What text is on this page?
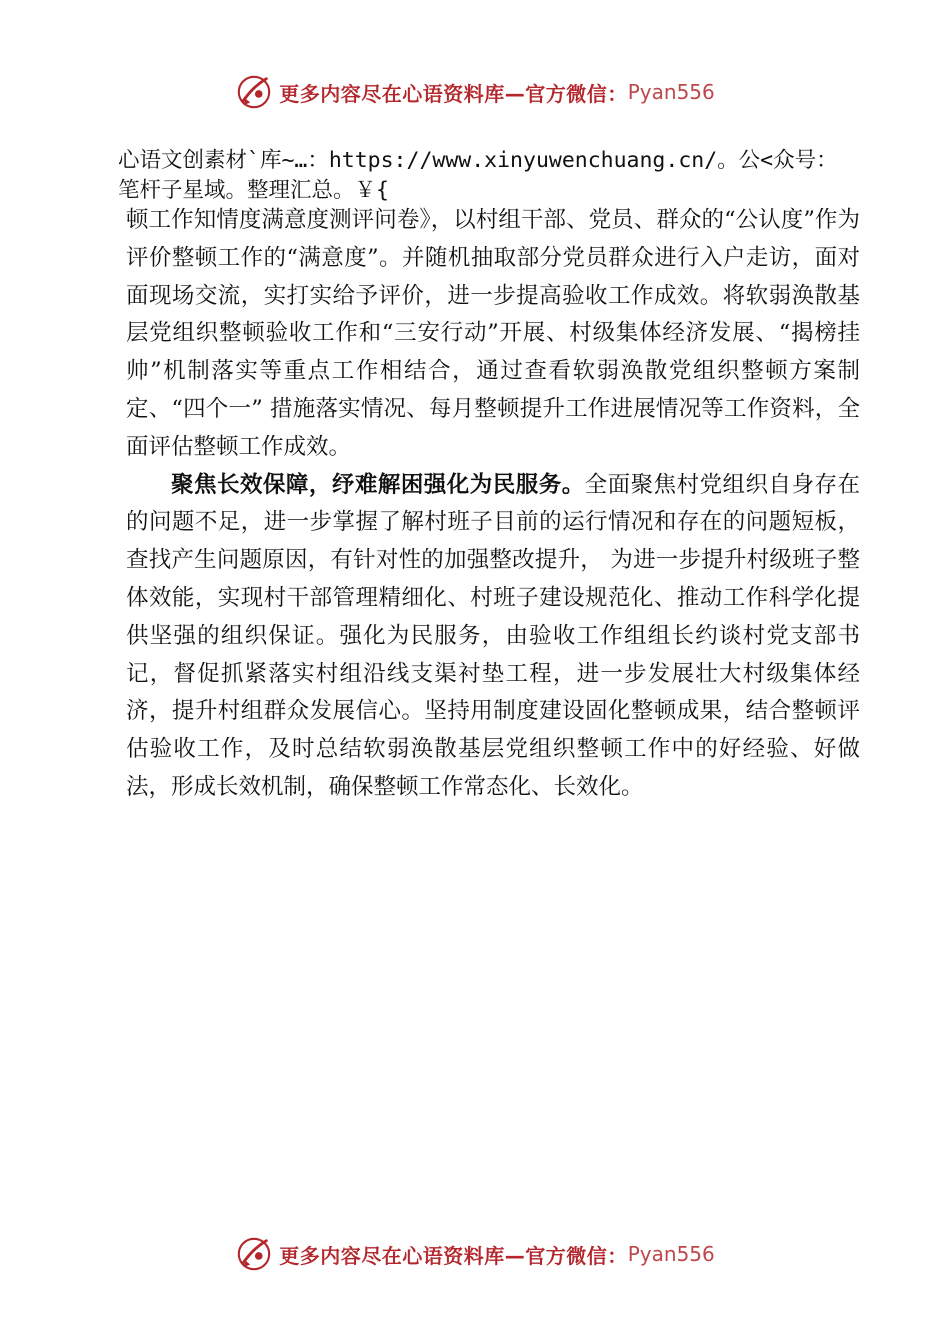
更多内容尽在心语资料库—官方微信： Pyan556
心语文创素材`库~…：https://www.xinyuwenchuang.cn/。公<众号：笔杆子星域。整理汇总。￥{

顿工作知情度满意度测评问卷》，以村组干部、党员、群众的“公认度”作为评价整顿工作的“满意度”。并随机抽取部分党员群众进行入户走访，面对面现场交流，实打实给予评价，进一步提高验收工作成效。将软弱涣散基层党组织整顿验收工作和“三安行动”开展、村级集体经济发展、“揭榜挂帅”机制落实等重点工作相结合，通过查看软弱涣散党组织整顿方案制定、“四个一” 措施落实情况、每月整顿提升工作进展情况等工作资料，全面评估整顿工作成效。

聚焦长效保障，纾难解困强化为民服务。全面聚焦村党组织自身存在的问题不足，进一步掌握了解村班子目前的运行情况和存在的问题短板，查找产生问题原因，有针对性的加强整改提升， 为进一步提升村级班子整体效能，实现村干部管理精细化、村班子建设规范化、推动工作科学化提供坚强的组织保证。强化为民服务，由验收工作组组长约谈村党支部书记，督促抓紧落实村组沿线支渠衬垫工程，进一步发展壮大村级集体经济，提升村组群众发展信心。坚持用制度建设固化整顿成果，结合整顿评估验收工作，及时总结软弱涣散基层党组织整顿工作中的好经验、好做法，形成长效机制，确保整顿工作常态化、长效化。

更多内容尽在心语资料库—官方微信： Pyan556
